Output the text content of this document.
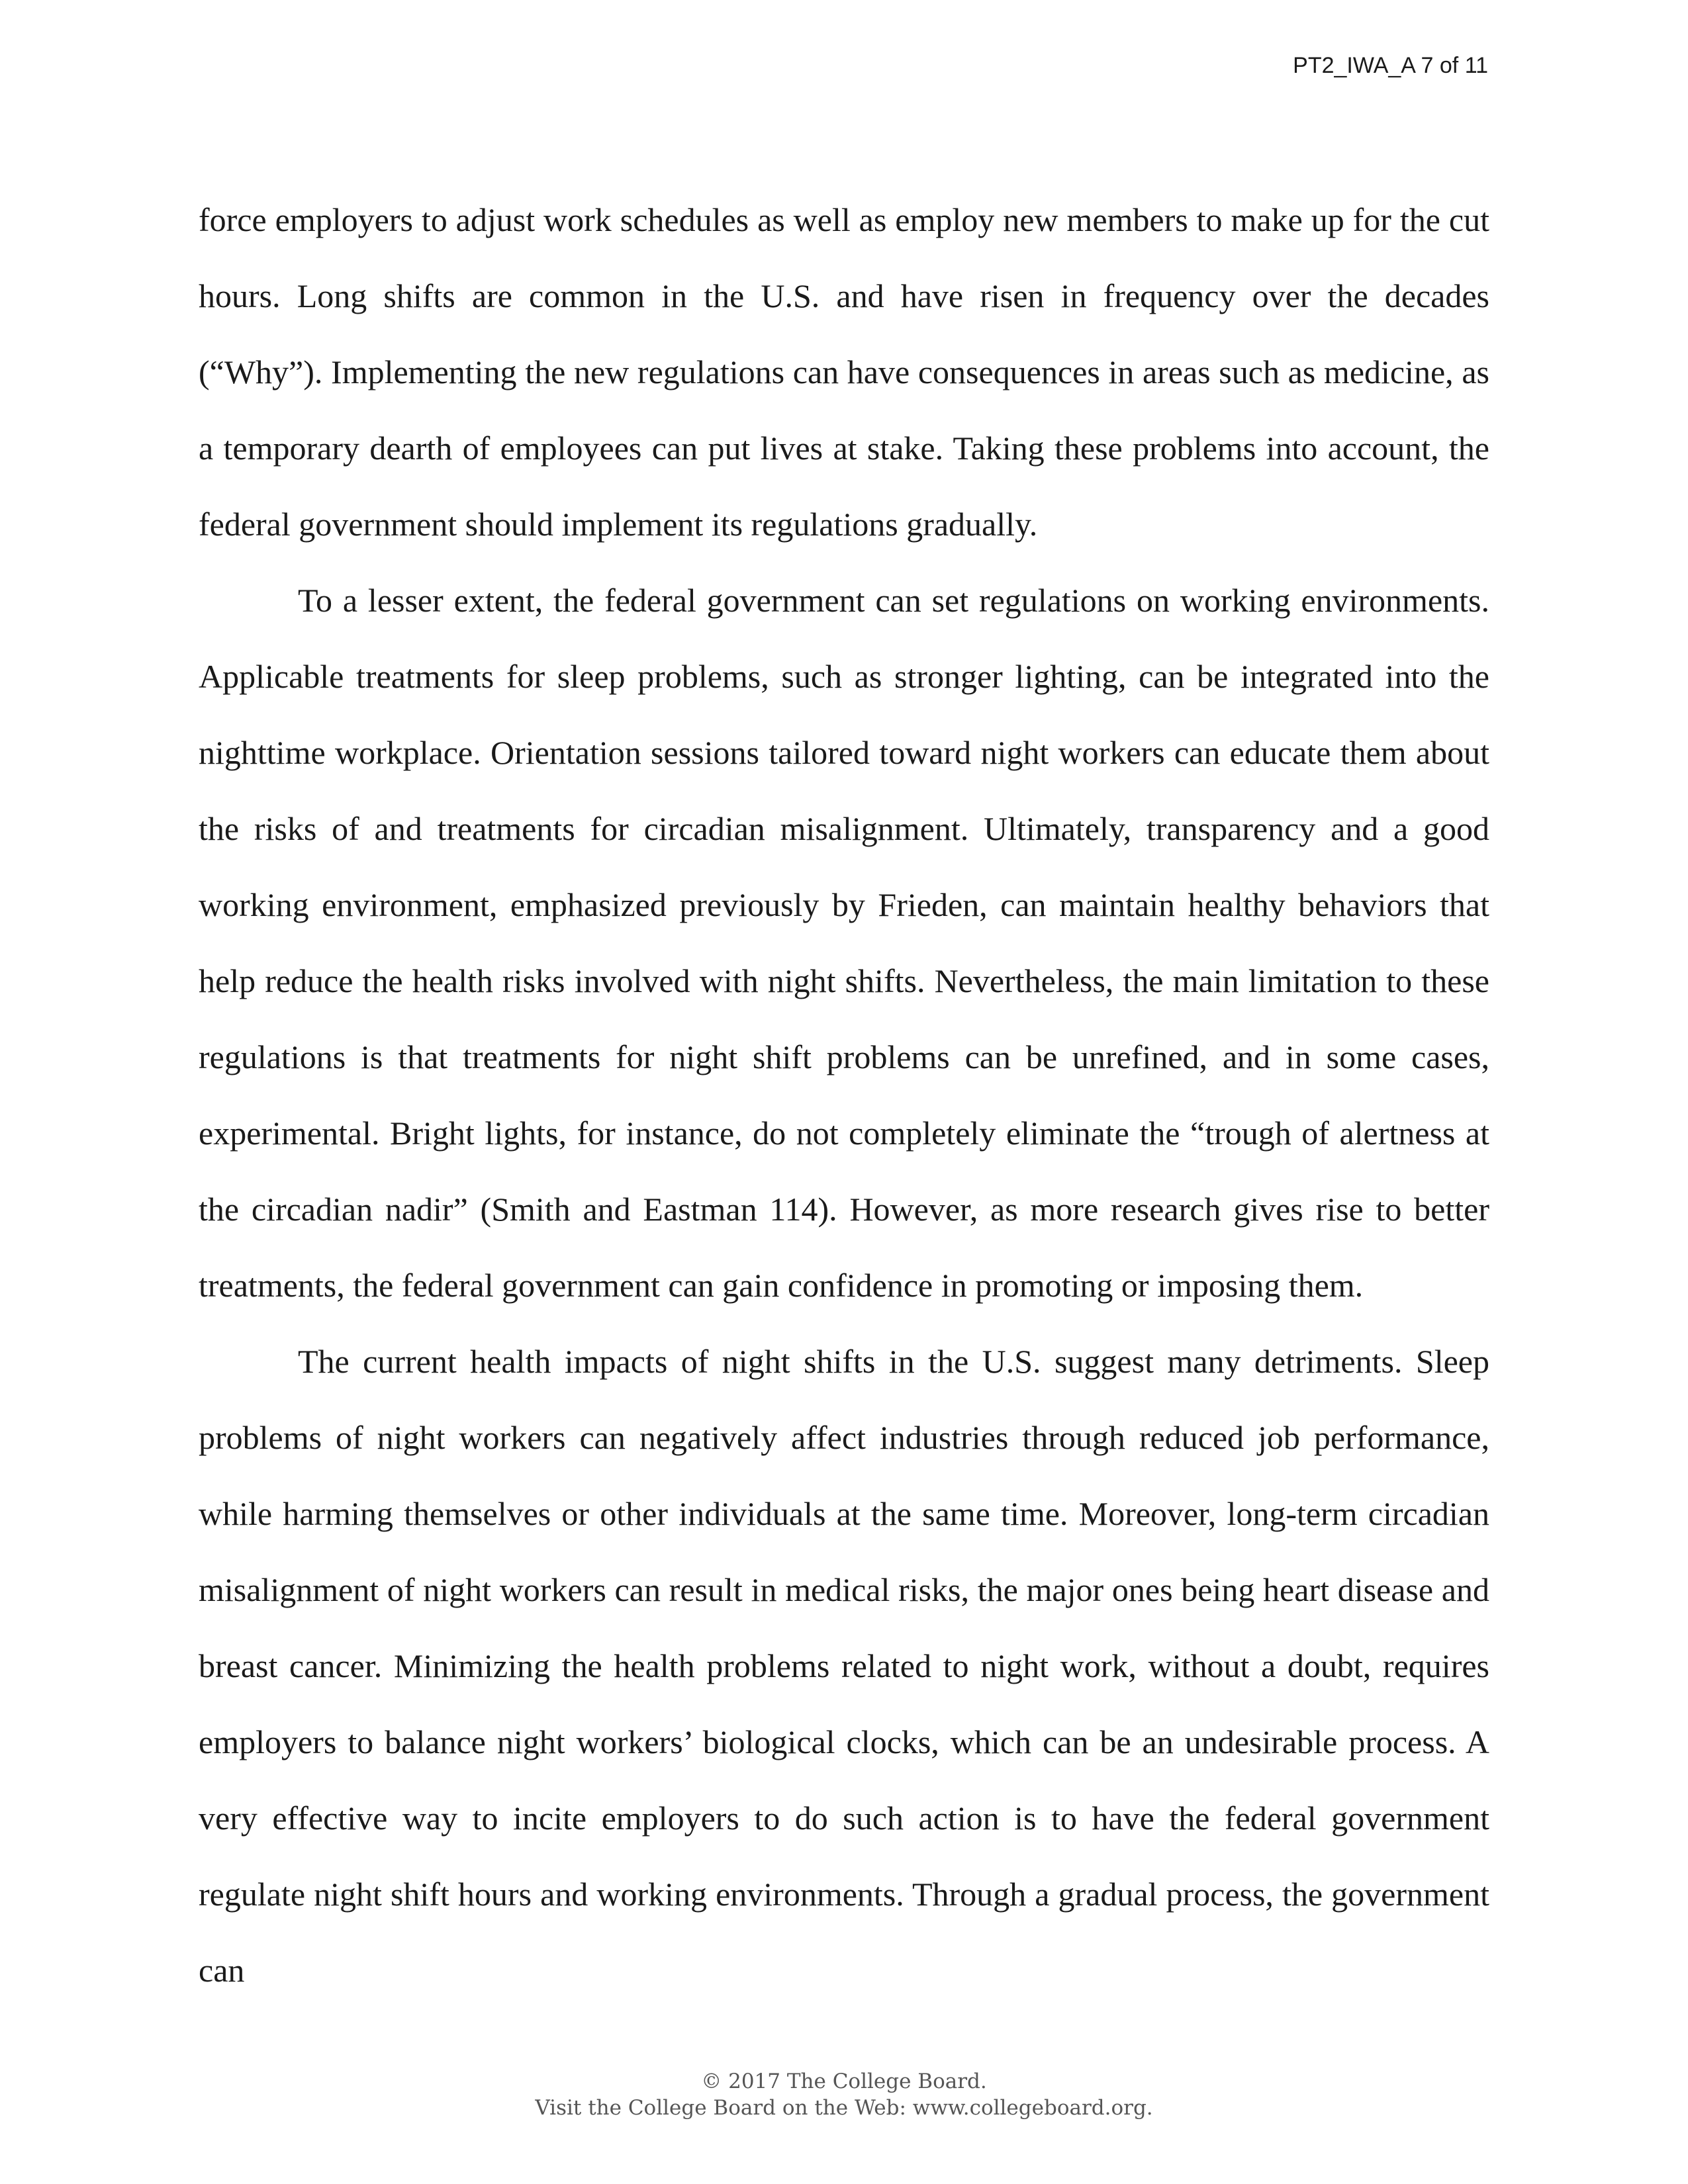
PT2_IWA_A 7 of 11

force employers to adjust work schedules as well as employ new members to make up for the cut hours. Long shifts are common in the U.S. and have risen in frequency over the decades (“Why”). Implementing the new regulations can have consequences in areas such as medicine, as a temporary dearth of employees can put lives at stake. Taking these problems into account, the federal government should implement its regulations gradually.

To a lesser extent, the federal government can set regulations on working environments. Applicable treatments for sleep problems, such as stronger lighting, can be integrated into the nighttime workplace. Orientation sessions tailored toward night workers can educate them about the risks of and treatments for circadian misalignment. Ultimately, transparency and a good working environment, emphasized previously by Frieden, can maintain healthy behaviors that help reduce the health risks involved with night shifts. Nevertheless, the main limitation to these regulations is that treatments for night shift problems can be unrefined, and in some cases, experimental. Bright lights, for instance, do not completely eliminate the “trough of alertness at the circadian nadir” (Smith and Eastman 114). However, as more research gives rise to better treatments, the federal government can gain confidence in promoting or imposing them.

The current health impacts of night shifts in the U.S. suggest many detriments. Sleep problems of night workers can negatively affect industries through reduced job performance, while harming themselves or other individuals at the same time. Moreover, long-term circadian misalignment of night workers can result in medical risks, the major ones being heart disease and breast cancer. Minimizing the health problems related to night work, without a doubt, requires employers to balance night workers’ biological clocks, which can be an undesirable process. A very effective way to incite employers to do such action is to have the federal government regulate night shift hours and working environments. Through a gradual process, the government can

© 2017 The College Board.
Visit the College Board on the Web: www.collegeboard.org.
